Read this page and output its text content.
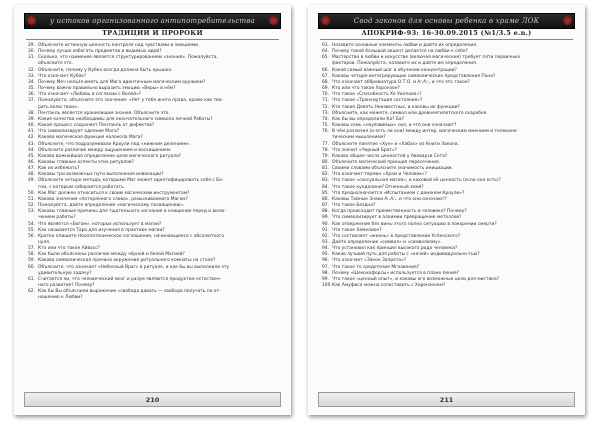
у истоков организованного антипотребительства
ТРАДИЦИИ И ПРОРОКИ
29. Объясните истинную ценность контроля над чувствами и эмоциями.
30. Почему лучше избегать предметов и видимых идей?
31. Сколько, что наименее является структурированием «знания». Пожалуйста,
объясните это.
32. Объясните, почему у Кубка всегда должна быть крышка.
33. Что означает Кубок?
34. Почему Меч нельзя иметь для Мага идентичным магическим оружием?
35. Почему важно правильно выразить эмоцию «Веры» в нём?
36. Что означает «Любовь в согласии с Волей»?
37. Пожалуйста, объясните это значение: «Нет у тебя иного права, кроме как тво-
рить волю твою».
38. Пентакль является хранилищем знания. Объясните это.
39. Какие качества необходимы для окончательного символа личной Работы?
40. Какой процесс сохраняет Пентакль от дефектов?
41. Что символизирует одеяние Мага?
42. Какова магическая функция колокола Мага?
43. Объясните, что подразумевали Кроули под «нижним делением».
44. Объясните различие между ощущением и восхищением.
45. Какова важнейшая определение цели магического ритуала?
46. Каковы главные аспекты этих ритуалов?
47. Как их избежать?
48. Каковы три возможных пути выполнения инвокации?
49. Объясните четыре метода, которыми Маг может идентифицировать себя с Бо-
гом, с которым собирается работать.
50. Как Маг должен относиться к своим магическим инструментам?
51. Каково значение «потерянного слова», разыскиваемого Магом?
52. Пожалуйста, дайте определение «магическому посвящению».
53. Каковы главные причины для тщательного изгнания и очищения перед и вклю-
чением работы?
54. Что является «Богом», которых использует в магии?
55. Как называется Таро для изучения в практике магии?
56. Кратко опишите Неоплатоническое соглашение, начинающееся с абсолютного
нуля.
57. Кто или что такое Айвасс?
58. Как были объяснены различие между чёрной и белой Магией?
59. Какова символическая причина окружения ритуального комнаты на столе?
60. Объясните, что означает «Небесный Враг» в ритуале, и как бы вы выполнили эту
удивительную задачу?
61. Считается ли, что человеческий мозг и разум являются продуктом естествен-
ного развития? Почему?
62. Как бы Вы объяснили выражение «свобода давать — свобода получать по от-
ношению к Любви?
210
Свод законов для основы ребенка в храме ЛОК
АПОКРИФ-93: 16-30.09.2015 (№1/3.5 e.n.)
63. Назовите основные элементы любви и дайте их определения.
64. Почему такой большой акцент делается на любви к себе?
65. Мастерство в любви и искусстве (включая магические) требует пяти первичных
факторов. Пожалуйста, назовите их и дайте им определения.
66. Какой самый важный шаг в обучении концентрации?
67. Каковы четыре интегрирующих символических представления Пана?
68. Что означает аббревиатура О.Т.О. и А∴А∴, и что это такое?
69. Кто или что такое Хоронзон?
70. Что такое «Способность Хе Уиллоиа»?
71. Что такое «Трансмутация состояния»?
72. Кто такие Девять Неизвестных, и каковы их функции?
73. Объясните, как можете, символ или древнеегипетского скарабея.
74. Как бы вы определили Ка? Ба?
75. Каковы семь «неуязвимых» сил, и что они означают?
76. В чём различия (и есть ли они) между интер, магическим мнением и телекине-
тическим мышлением?
77. Объясните понятие «Хун» и «Хабах» из Книги Закона.
78. Что значит «Черный Брат»?
79. Каково общее число ценностей у Авеварзи Сета?
80. Объясните магический принцип пересечения.
81. Своими словами объясните значимость инициации.
82. Что означает термин «Храм и Человек»?
83. Что такое «сексуальная магия», и каковой её ценность (если она есть)?
84. Что такое кундалини? Огненный змей?
85. Что предназначается «Испытанием с демоном Кроули»?
86. Каковы Тайные Знаки А∴А∴, и что они означают?
87. Что такое Бездна?
88. Когда происходит преемственность в человеке? Почему?
89. Что символизирует в алхимии превращение металлов?
90. Как отвержение без вины этого полно ситуацию в покорении смерти?
91. Что такое Хамелион?
92. Что составляет «жизнь» в представлении Успенского?
93. Дайте определение «символ» и «символизму».
94. Что установил как принцип высокого рода человека?
95. Каков лучший путь для работы с «кочей» индивидуально-тью?
96. Что означает «Закон Запрета»?
97. Что такое то средоточие Мгновения?
98. Почему «Шехохофорсы» используется в плане пения?
99. Что такое «ценный опыт», и каковы его возможные цели для мистика?
100. Как Амуфиса можно сопоставить с Хоронзоном?
211
